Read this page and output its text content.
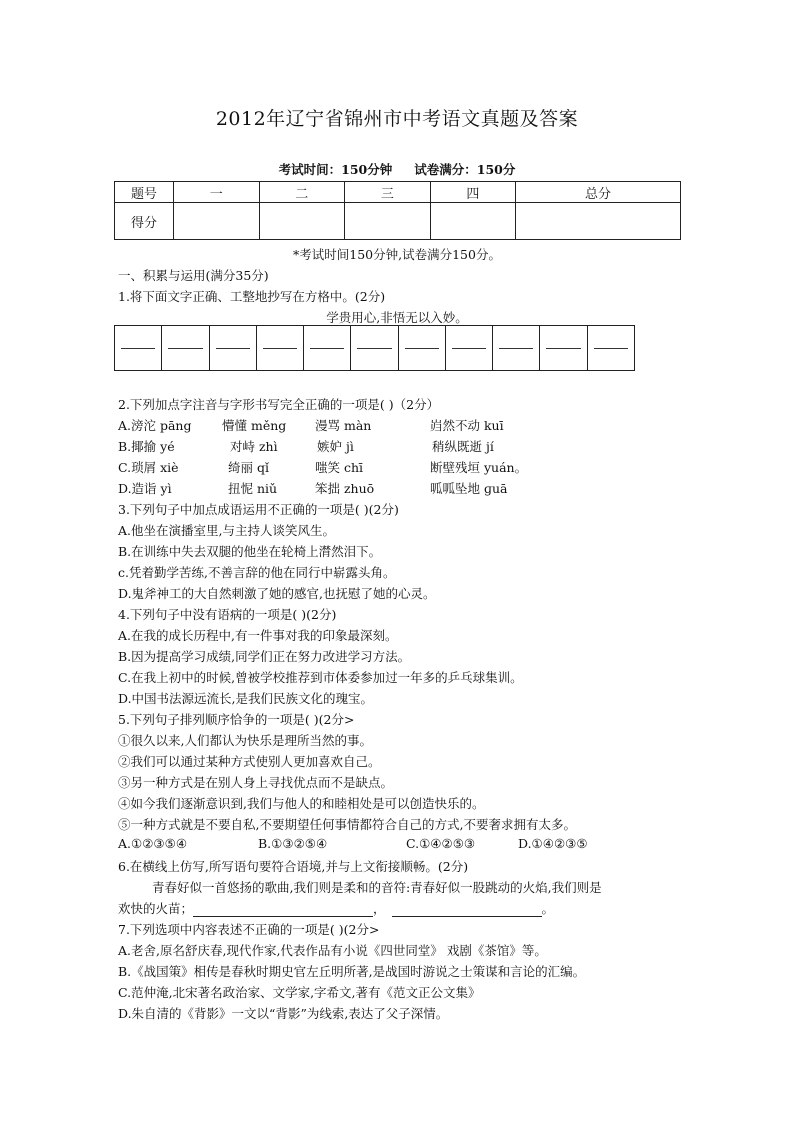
2012年辽宁省锦州市中考语文真题及答案
考试时间：150分钟 试卷满分：150分
题号	一	二	三	四	总分
得分					
*考试时间150分钟,试卷满分150分。
一、积累与运用(满分35分)
1.将下面文字正确、工整地抄写在方格中。(2分)
学贵用心,非悟无以入妙。

2.下列加点字注音与字形书写完全正确的一项是( )（2分）
A.滂沱 pāng 懵懂 měng 漫骂 màn	岿然不动 kuī
B.揶揄 yé	对峙 zhì	嫉妒 jì	稍纵既逝 jí
C.琐屑 xiè	绮丽 qǐ	嗤笑 chī	断壁残垣 yuán。
D.造诣 yì	扭怩 niǔ	笨拙 zhuō	呱呱坠地 ɡuā
3.下列句子中加点成语运用不正确的一项是( )(2分)
A.他坐在演播室里,与主持人谈笑风生。
B.在训练中失去双腿的他坐在轮椅上潸然泪下。
c.凭着勤学苦练,不善言辞的他在同行中崭露头角。
D.鬼斧神工的大自然刺激了她的感官,也抚慰了她的心灵。
4.下列句子中没有语病的一项是( )(2分)
A.在我的成长历程中,有一件事对我的印象最深刻。
B.因为提高学习成绩,同学们正在努力改进学习方法。
C.在我上初中的时候,曾被学校推荐到市体委参加过一年多的乒乓球集训。
D.中国书法源远流长,是我们民族文化的瑰宝。
5.下列句子排列顺序恰争的一项是( )(2分>
①很久以来,人们都认为快乐是理所当然的事。
②我们可以通过某种方式使别人更加喜欢自己。
③另一种方式是在别人身上寻找优点而不是缺点。
④如今我们逐渐意识到,我们与他人的和睦相处是可以创造快乐的。
⑤一种方式就是不要自私,不要期望任何事情都符合自己的方式,不要奢求拥有太多。
A.①②③⑤④	B.①③②⑤④	C.①④②⑤③	D.①④②③⑤
6.在横线上仿写,所写语句要符合语境,并与上文衔接顺畅。(2分)
青春好似一首悠扬的歌曲,我们则是柔和的音符:青春好似一股跳动的火焰,我们则是
欢快的火苗；	，	。
7.下列选项中内容表述不正确的一项是( )(2分>
A.老舍,原名舒庆春,现代作家,代表作品有小说《四世同堂》 戏剧《茶馆》等。
B.《战国策》相传是春秋时期史官左丘明所著,是战国时游说之士策谋和言论的汇编。
C.范仲淹,北宋著名政治家、文学家,字希文,著有《范文正公文集》
D.朱自清的《背影》一文以“背影”为线索,表达了父子深情。
